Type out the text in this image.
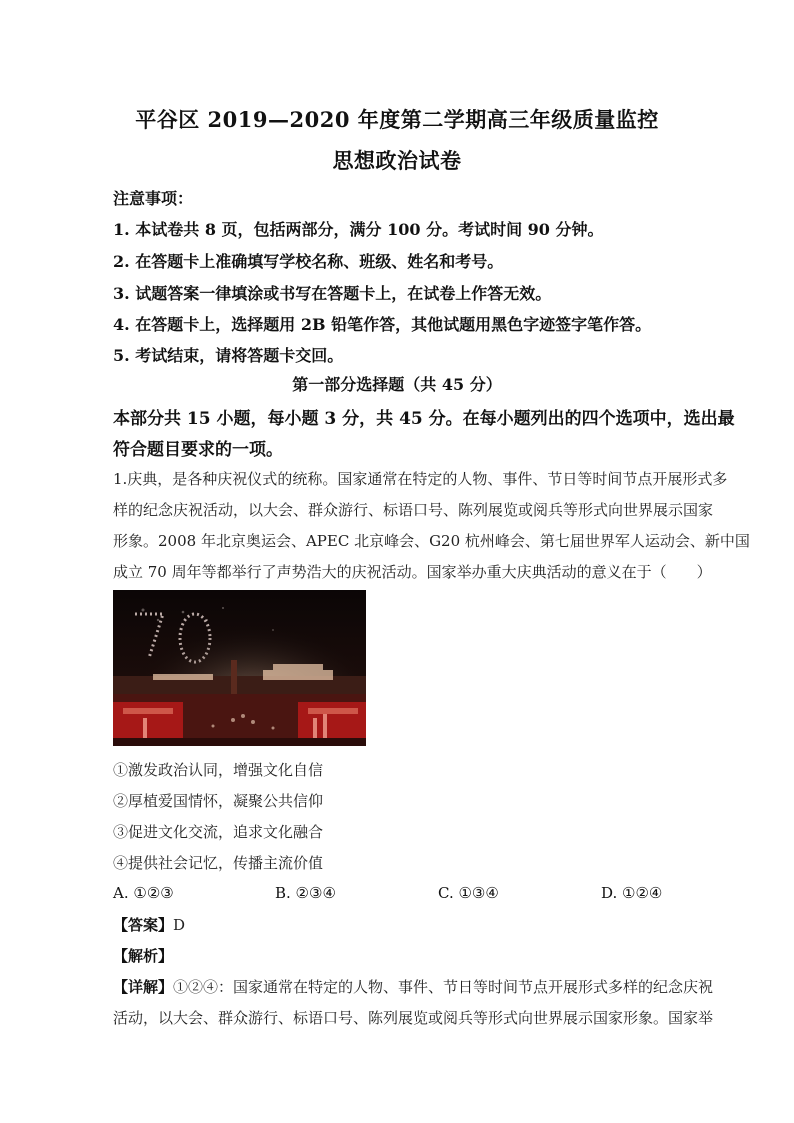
平谷区 2019—2020 年度第二学期高三年级质量监控
思想政治试卷
注意事项：
1. 本试卷共 8 页，包括两部分，满分 100 分。考试时间 90 分钟。
2. 在答题卡上准确填写学校名称、班级、姓名和考号。
3. 试题答案一律填涂或书写在答题卡上，在试卷上作答无效。
4. 在答题卡上，选择题用 2B 铅笔作答，其他试题用黑色字迹签字笔作答。
5. 考试结束，请将答题卡交回。
第一部分选择题（共 45 分）
本部分共 15 小题，每小题 3 分，共 45 分。在每小题列出的四个选项中，选出最
符合题目要求的一项。
1.庆典，是各种庆祝仪式的统称。国家通常在特定的人物、事件、节日等时间节点开展形式多
样的纪念庆祝活动，以大会、群众游行、标语口号、陈列展览或阅兵等形式向世界展示国家
形象。2008 年北京奥运会、APEC 北京峰会、G20 杭州峰会、第七届世界军人运动会、新中国
成立 70 周年等都举行了声势浩大的庆祝活动。国家举办重大庆典活动的意义在于（　　）
①激发政治认同，增强文化自信
②厚植爱国情怀，凝聚公共信仰
③促进文化交流，追求文化融合
④提供社会记忆，传播主流价值
A. ①②③	B. ②③④	C. ①③④	D. ①②④
【答案】D
【解析】
【详解】①②④：国家通常在特定的人物、事件、节日等时间节点开展形式多样的纪念庆祝
活动，以大会、群众游行、标语口号、陈列展览或阅兵等形式向世界展示国家形象。国家举
